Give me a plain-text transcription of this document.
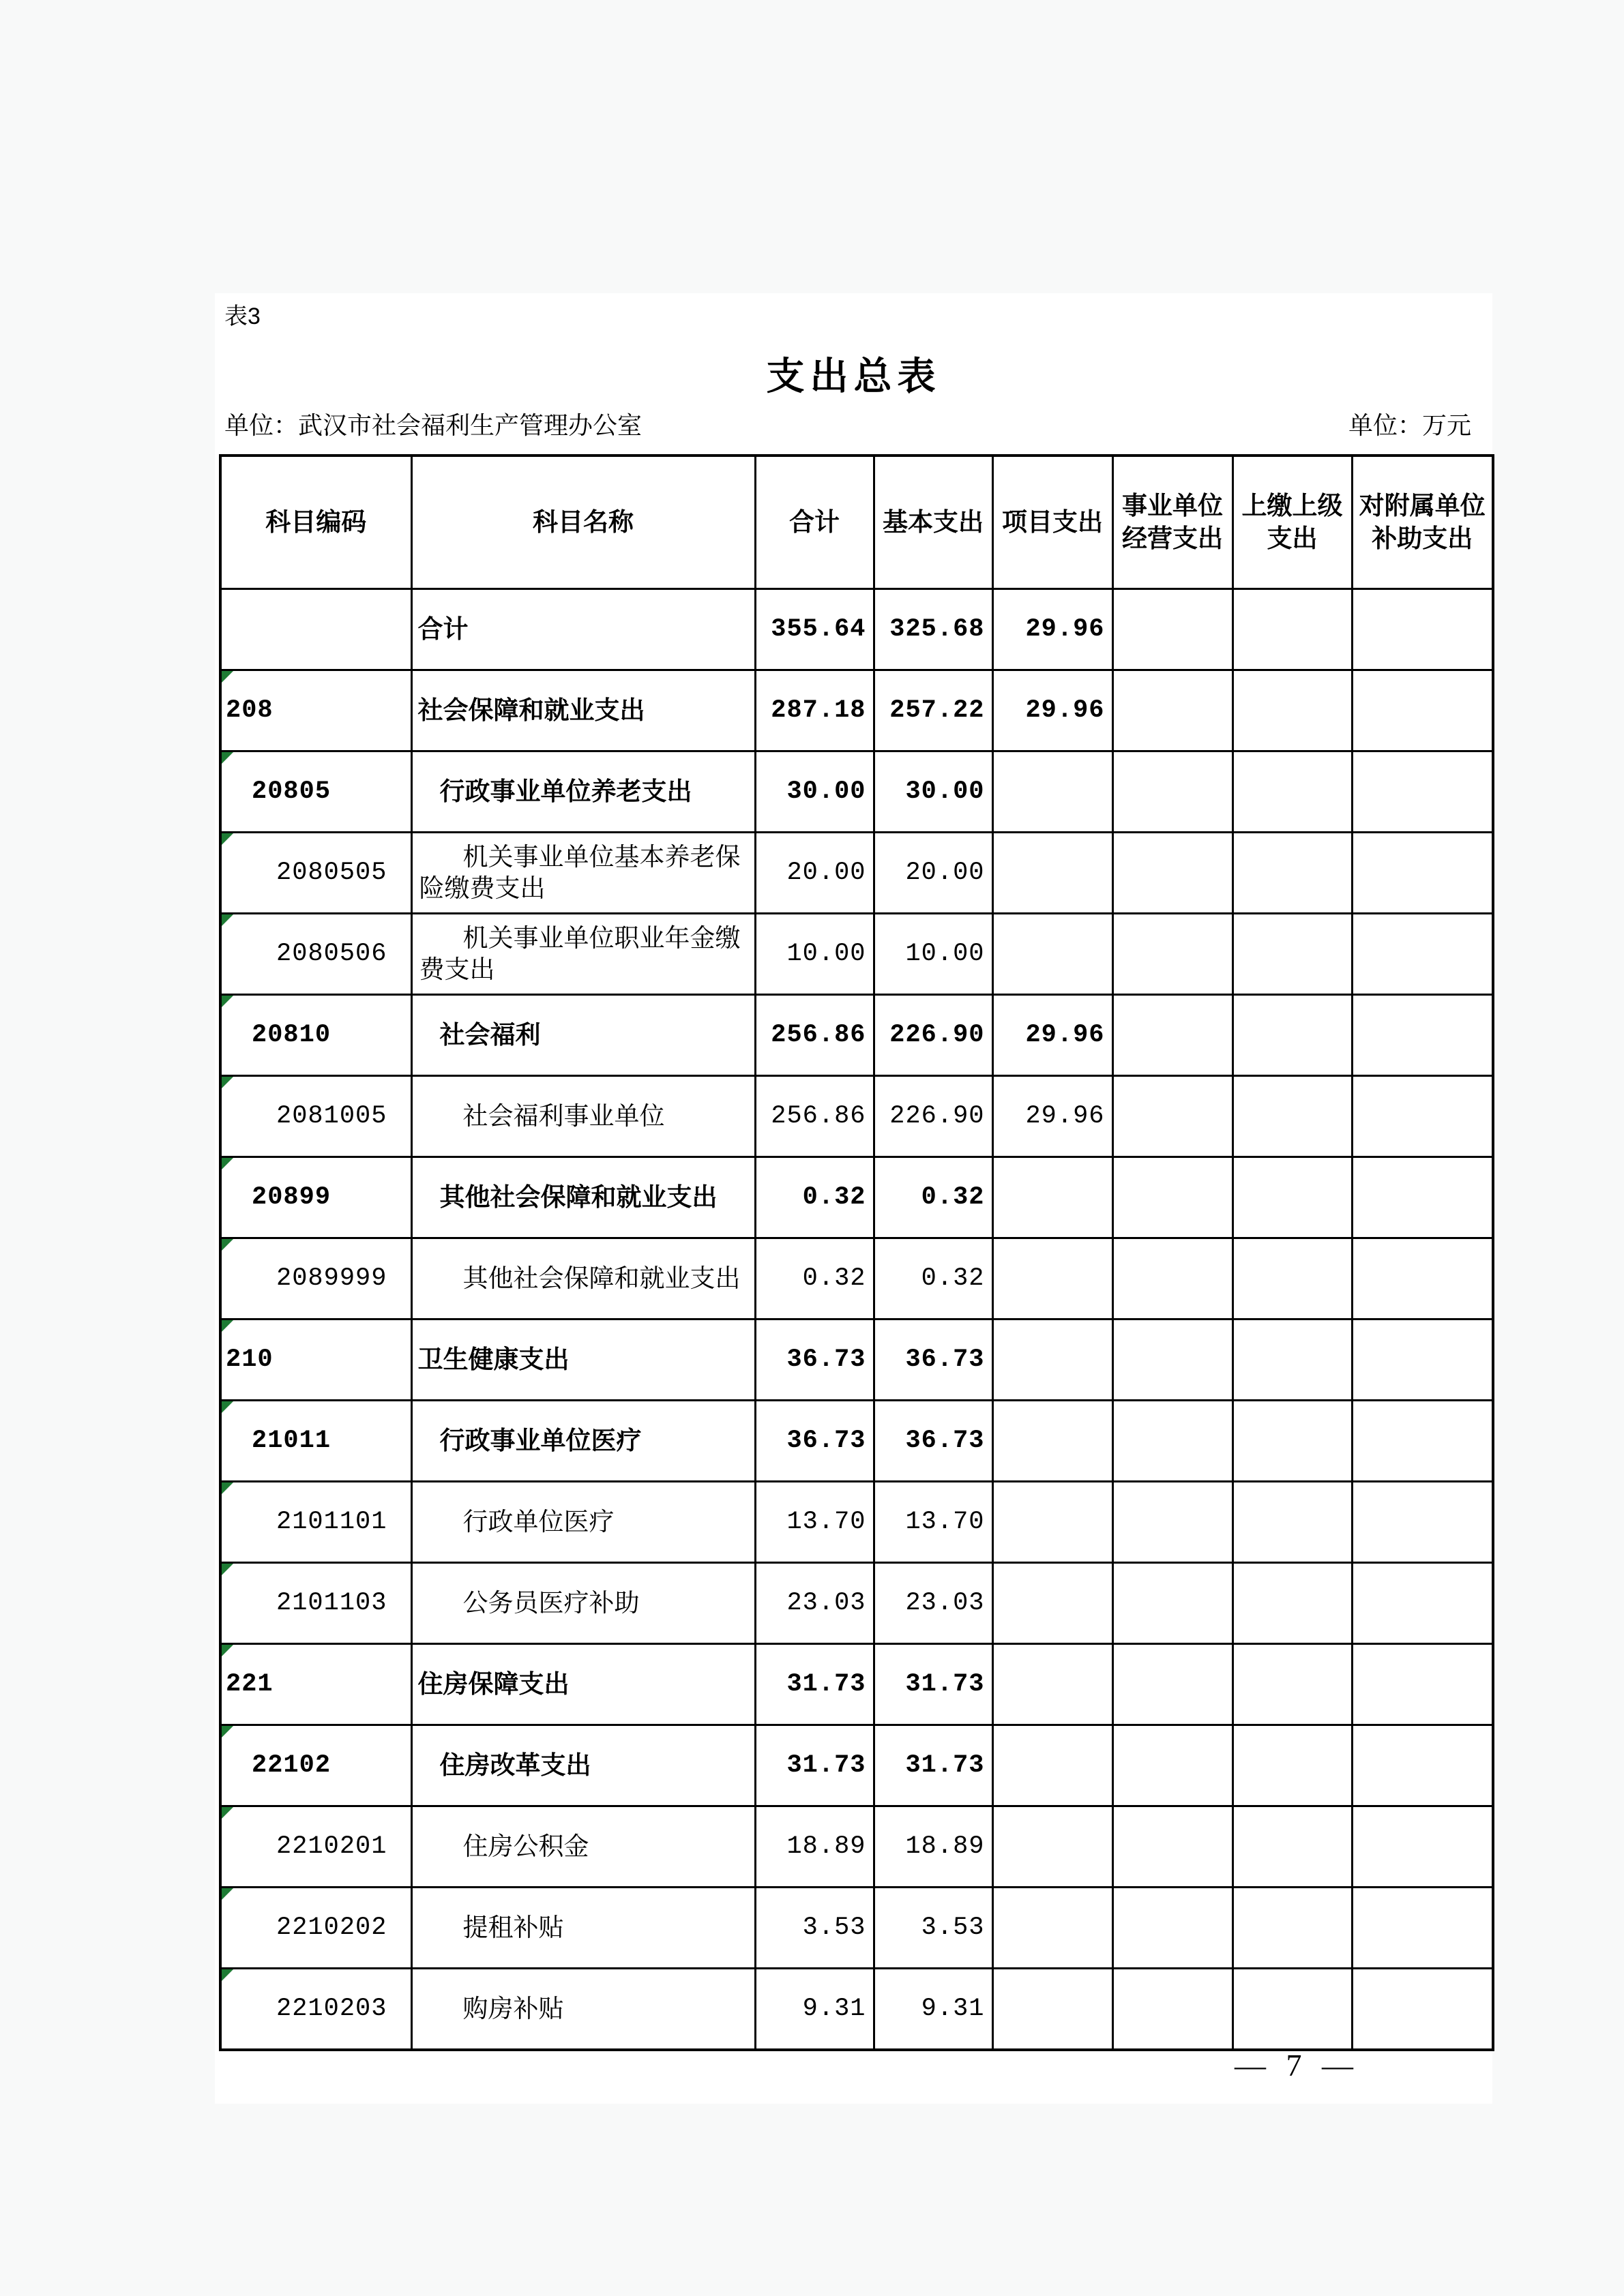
表3
支出总表
单位：武汉市社会福利生产管理办公室	单位：万元
科目编码	科目名称	合计	基本支出	项目支出	事业单位经营支出	上缴上级支出	对附属单位补助支出
	合计	355.64	325.68	29.96			
208	社会保障和就业支出	287.18	257.22	29.96			
20805	行政事业单位养老支出	30.00	30.00				
2080505	机关事业单位基本养老保险缴费支出	20.00	20.00				
2080506	机关事业单位职业年金缴费支出	10.00	10.00				
20810	社会福利	256.86	226.90	29.96			
2081005	社会福利事业单位	256.86	226.90	29.96			
20899	其他社会保障和就业支出	0.32	0.32				
2089999	其他社会保障和就业支出	0.32	0.32				
210	卫生健康支出	36.73	36.73				
21011	行政事业单位医疗	36.73	36.73				
2101101	行政单位医疗	13.70	13.70				
2101103	公务员医疗补助	23.03	23.03				
221	住房保障支出	31.73	31.73				
22102	住房改革支出	31.73	31.73				
2210201	住房公积金	18.89	18.89				
2210202	提租补贴	3.53	3.53				
2210203	购房补贴	9.31	9.31				
— 7 —
